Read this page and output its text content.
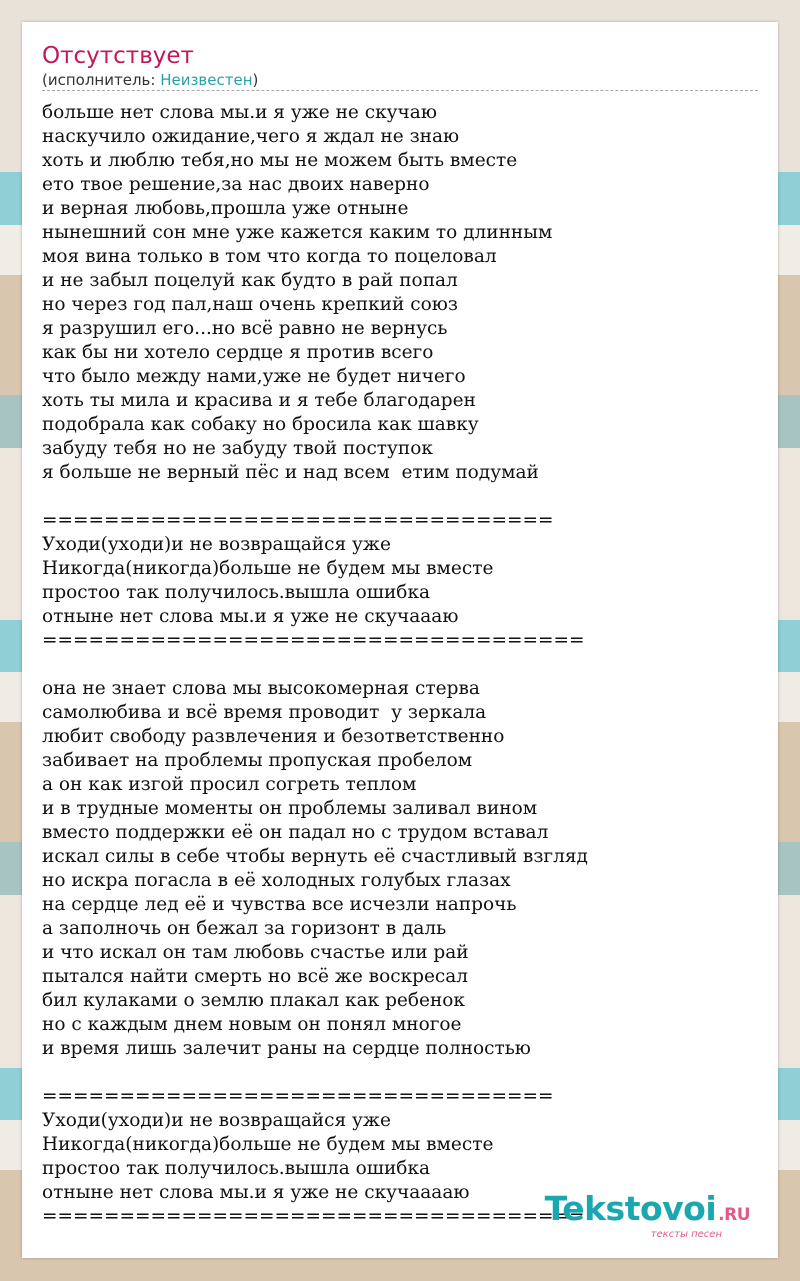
Отсутствует
(исполнитель: Неизвестен)
больше нет слова мы.и я уже не скучаю
наскучило ожидание,чего я ждал не знаю
хоть и люблю тебя,но мы не можем быть вместе
ето твое решение,за нас двоих наверно
и верная любовь,прошла уже отныне
нынешний сон мне уже кажется каким то длинным
моя вина только в том что когда то поцеловал
и не забыл поцелуй как будто в рай попал
но через год пал,наш очень крепкий союз
я разрушил его...но всё равно не вернусь
как бы ни хотело сердце я против всего
что было между нами,уже не будет ничего
хоть ты мила и красива и я тебе благодарен
подобрала как собаку но бросила как шавку
забуду тебя но не забуду твой поступок
я больше не верный пёс и над всем  етим подумай

=================================
Уходи(уходи)и не возвращайся уже
Никогда(никогда)больше не будем мы вместе
простоо так получилось.вышла ошибка
отныне нет слова мы.и я уже не скучаааю
===================================

она не знает слова мы высокомерная стерва
самолюбива и всё время проводит  у зеркала
любит свободу развлечения и безответственно
забивает на проблемы пропуская пробелом
а он как изгой просил согреть теплом
и в трудные моменты он проблемы заливал вином
вместо поддержки её он падал но с трудом вставал
искал силы в себе чтобы вернуть её счастливый взгляд
но искра погасла в её холодных голубых глазах
на сердце лед её и чувства все исчезли напрочь
а заполночь он бежал за горизонт в даль
и что искал он там любовь счастье или рай
пытался найти смерть но всё же воскресал
бил кулаками о землю плакал как ребенок
но с каждым днем новым он понял многое
и время лишь залечит раны на сердце полностью

=================================
Уходи(уходи)и не возвращайся уже
Никогда(никогда)больше не будем мы вместе
простоо так получилось.вышла ошибка
отныне нет слова мы.и я уже не скучааааю
===================================
Tekstovoi .RU
тексты песен
